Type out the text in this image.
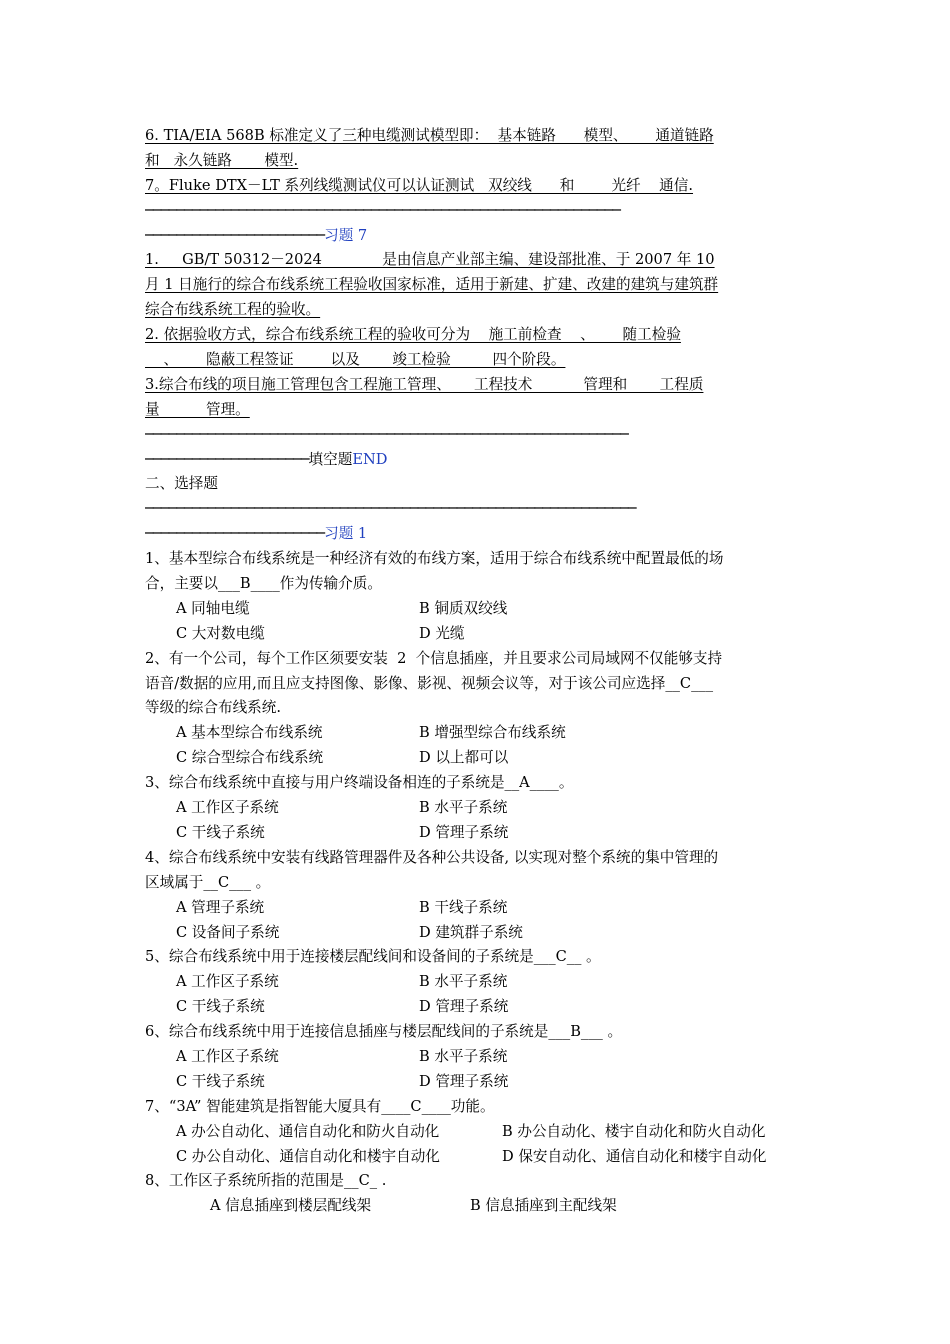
6. TIA/EIA 568B 标准定义了三种电缆测试模型即：  基本链路      模型、      通道链路
和   永久链路       模型.
7。Fluke DTX－LT 系列线缆测试仪可以认证测试   双绞线      和        光纤    通信.
─────────────────────────────────────────────────────────────
───────────────────────习题 7
1.     GB/T 50312－2024             是由信息产业部主编、建设部批准、于 2007 年 10
月 1 日施行的综合布线系统工程验收国家标准，适用于新建、扩建、改建的建筑与建筑群
综合布线系统工程的验收。
2. 依据验收方式，综合布线系统工程的验收可分为    施工前检查    、      随工检验
、      隐蔽工程签证        以及       竣工检验         四个阶段。
3.综合布线的项目施工管理包含工程施工管理、     工程技术           管理和       工程质
量          管理。
──────────────────────────────────────────────────────────────
─────────────────────填空题END
二、选择题
───────────────────────────────────────────────────────────────
───────────────────────习题 1
1、基本型综合布线系统是一种经济有效的布线方案，适用于综合布线系统中配置最低的场
合，主要以___B____作为传输介质。
A 同轴电缆	B 铜质双绞线
C 大对数电缆	D 光缆
2、有一个公司，每个工作区须要安装  2  个信息插座，并且要求公司局域网不仅能够支持
语音/数据的应用,而且应支持图像、影像、影视、视频会议等，对于该公司应选择__C___
等级的综合布线系统.
A 基本型综合布线系统	B 增强型综合布线系统
C 综合型综合布线系统	D 以上都可以
3、综合布线系统中直接与用户终端设备相连的子系统是__A____。
A 工作区子系统	B 水平子系统
C 干线子系统	D 管理子系统
4、综合布线系统中安装有线路管理器件及各种公共设备, 以实现对整个系统的集中管理的
区域属于__C___ 。
A 管理子系统	B 干线子系统
C 设备间子系统	D 建筑群子系统
5、综合布线系统中用于连接楼层配线间和设备间的子系统是___C__ 。
A 工作区子系统	B 水平子系统
C 干线子系统	D 管理子系统
6、综合布线系统中用于连接信息插座与楼层配线间的子系统是___B___ 。
A 工作区子系统	B 水平子系统
C 干线子系统	D 管理子系统
7、“3A” 智能建筑是指智能大厦具有____C____功能。
A 办公自动化、通信自动化和防火自动化	B 办公自动化、楼宇自动化和防火自动化
C 办公自动化、通信自动化和楼宇自动化	D 保安自动化、通信自动化和楼宇自动化
8、工作区子系统所指的范围是__C_ .
A 信息插座到楼层配线架	B 信息插座到主配线架
